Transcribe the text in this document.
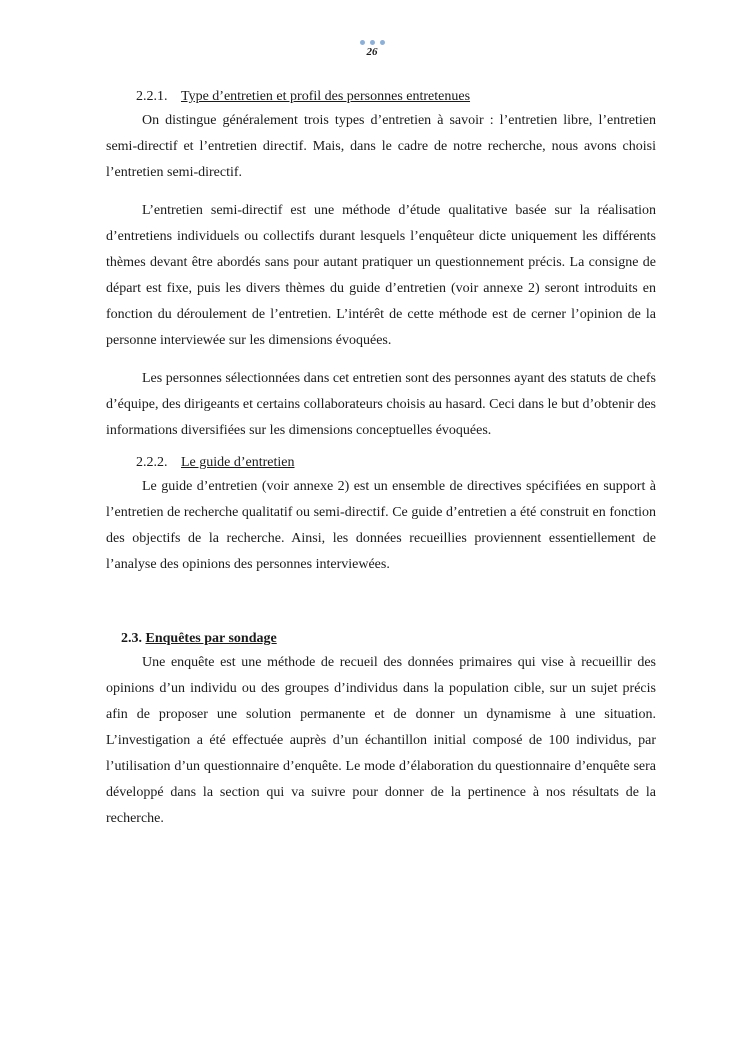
26
2.2.1. Type d’entretien et profil des personnes entretenues

On distingue généralement trois types d’entretien à savoir : l’entretien libre, l’entretien semi-directif et l’entretien directif. Mais, dans le cadre de notre recherche, nous avons choisi l’entretien semi-directif.

L’entretien semi-directif est une méthode d’étude qualitative basée sur la réalisation d’entretiens individuels ou collectifs durant lesquels l’enquêteur dicte uniquement les différents thèmes devant être abordés sans pour autant pratiquer un questionnement précis. La consigne de départ est fixe, puis les divers thèmes du guide d’entretien (voir annexe 2) seront introduits en fonction du déroulement de l’entretien. L’intérêt de cette méthode est de cerner l’opinion de la personne interviewée sur les dimensions évoquées.

Les personnes sélectionnées dans cet entretien sont des personnes ayant des statuts de chefs d’équipe, des dirigeants et certains collaborateurs choisis au hasard. Ceci dans le but d’obtenir des informations diversifiées sur les dimensions conceptuelles évoquées.

2.2.2. Le guide d’entretien

Le guide d’entretien (voir annexe 2) est un ensemble de directives spécifiées en support à l’entretien de recherche qualitatif ou semi-directif. Ce guide d’entretien a été construit en fonction des objectifs de la recherche. Ainsi, les données recueillies proviennent essentiellement de l’analyse des opinions des personnes interviewées.

2.3. Enquêtes par sondage

Une enquête est une méthode de recueil des données primaires qui vise à recueillir des opinions d’un individu ou des groupes d’individus dans la population cible, sur un sujet précis afin de proposer une solution permanente et de donner un dynamisme à une situation. L’investigation a été effectuée auprès d’un échantillon initial composé de 100 individus, par l’utilisation d’un questionnaire d’enquête. Le mode d’élaboration du questionnaire d’enquête sera développé dans la section qui va suivre pour donner de la pertinence à nos résultats de la recherche.
